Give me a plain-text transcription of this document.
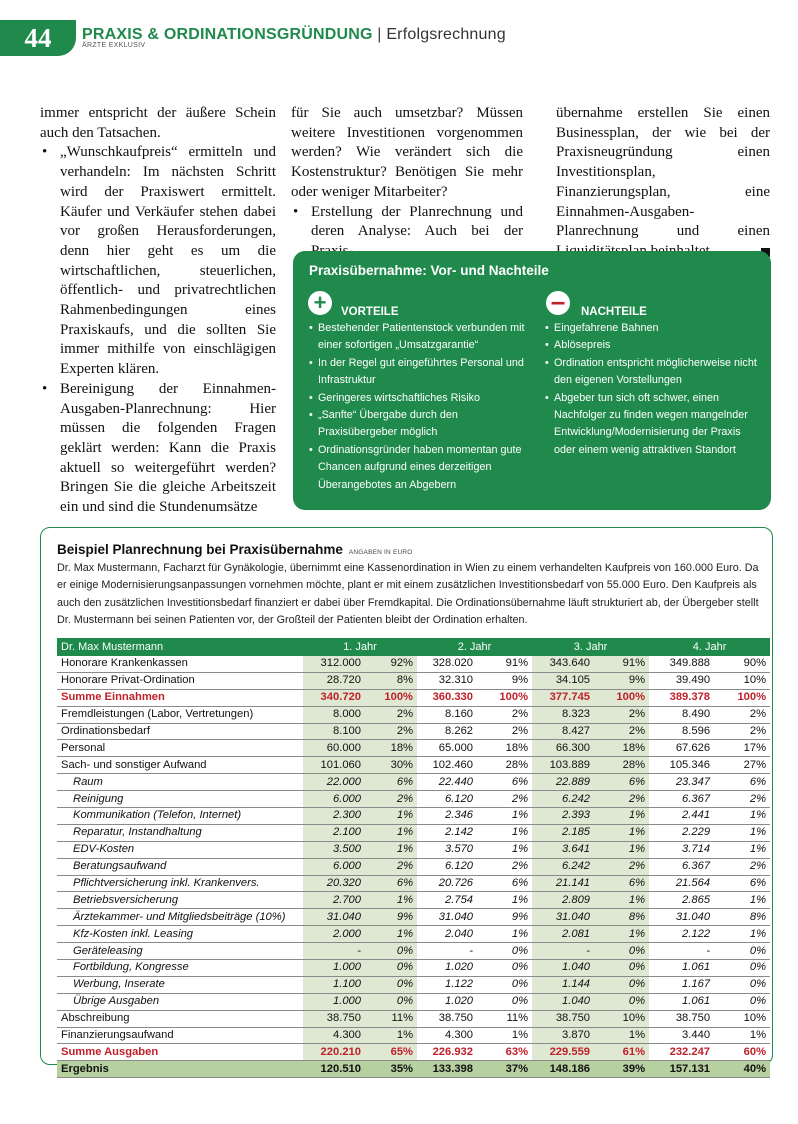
44	PRAXIS & ORDINATIONSGRÜNDUNG | Erfolgsrechnung
ÄRZTE EXKLUSIV

immer entspricht der äußere Schein auch den Tatsachen.

• „Wunschkaufpreis“ ermitteln und verhandeln: Im nächsten Schritt wird der Praxiswert ermittelt. Käufer und Verkäufer stehen dabei vor großen Herausforderungen, denn hier geht es um die wirtschaftlichen, steuerlichen, öffentlich- und privatrechtlichen Rahmenbedingungen eines Praxiskaufs, und die sollten Sie immer mithilfe von einschlägigen Experten klären.
• Bereinigung der Einnahmen-Ausgaben-Planrechnung: Hier müssen die folgenden Fragen geklärt werden: Kann die Praxis aktuell so weitergeführt werden? Bringen Sie die gleiche Arbeitszeit ein und sind die Stundenumsätze

für Sie auch umsetzbar? Müssen weitere Investitionen vorgenommen werden? Wie verändert sich die Kostenstruktur? Benötigen Sie mehr oder weniger Mitarbeiter?

• Erstellung der Planrechnung und deren Analyse: Auch bei der

übernahme erstellen Sie einen Businessplan, der wie bei der Praxisneugründung einen Investitionsplan, Finanzierungsplan, eine Einnahmen-Ausgaben-Planrechnung und einen

Praxisübernahme: Vor- und Nachteile
+	VORTEILE	–	NACHTEILE
• Bestehender Patientenstock verbunden mit einer sofortigen „Umsatzgarantie“
• In der Regel gut eingeführtes Personal und Infrastruktur
• Geringeres wirtschaftliches Risiko
• „Sanfte“ Übergabe durch den Praxisübergeber möglich
• Ordinationsgründer haben momentan gute Chancen aufgrund eines derzeitigen Überangebotes an Abgebern
• Eingefahrene Bahnen
• Ablösepreis
• Ordination entspricht möglicherweise nicht den eigenen Vorstellungen
• Abgeber tun sich oft schwer, einen Nachfolger zu finden wegen mangelnder Entwicklung/Modernisierung der Praxis oder einem wenig attraktiven Standort
Beispiel Planrechnung bei Praxisübernahme ANGABEN IN EURO
Dr. Max Mustermann, Facharzt für Gynäkologie, übernimmt eine Kassenordination in Wien zu einem verhandelten Kaufpreis von 160.000 Euro. Da er einige Modernisierungsanpassungen vornehmen möchte, plant er mit einem zusätzlichen Investitionsbedarf von 55.000 Euro. Den Kaufpreis als auch den zusätzlichen Investitionsbedarf finanziert er dabei über Fremdkapital. Die Ordinationsübernahme läuft strukturiert ab, der Übergeber stellt Dr. Mustermann bei seinen Patienten vor, der Großteil der Patienten bleibt der Ordination erhalten.
Dr. Max Mustermann	1. Jahr		2. Jahr		3. Jahr		4. Jahr	
Honorare Krankenkassen	312.000	92%	328.020	91%	343.640	91%	349.888	90%
Honorare Privat-Ordination	28.720	8%	32.310	9%	34.105	9%	39.490	10%
Summe Einnahmen	340.720	100%	360.330	100%	377.745	100%	389.378	100%
Fremdleistungen (Labor, Vertretungen)	8.000	2%	8.160	2%	8.323	2%	8.490	2%
Ordinationsbedarf	8.100	2%	8.262	2%	8.427	2%	8.596	2%
Personal	60.000	18%	65.000	18%	66.300	18%	67.626	17%
Sach- und sonstiger Aufwand	101.060	30%	102.460	28%	103.889	28%	105.346	27%
Raum	22.000	6%	22.440	6%	22.889	6%	23.347	6%
Reinigung	6.000	2%	6.120	2%	6.242	2%	6.367	2%
Kommunikation (Telefon, Internet)	2.300	1%	2.346	1%	2.393	1%	2.441	1%
Reparatur, Instandhaltung	2.100	1%	2.142	1%	2.185	1%	2.229	1%
EDV-Kosten	3.500	1%	3.570	1%	3.641	1%	3.714	1%
Beratungsaufwand	6.000	2%	6.120	2%	6.242	2%	6.367	2%
Pflichtversicherung inkl. Krankenvers.	20.320	6%	20.726	6%	21.141	6%	21.564	6%
Betriebsversicherung	2.700	1%	2.754	1%	2.809	1%	2.865	1%
Ärztekammer- und Mitgliedsbeiträge (10%)	31.040	9%	31.040	9%	31.040	8%	31.040	8%
Kfz-Kosten inkl. Leasing	2.000	1%	2.040	1%	2.081	1%	2.122	1%
Geräteleasing	-	0%	-	0%	-	0%	-	0%
Fortbildung, Kongresse	1.000	0%	1.020	0%	1.040	0%	1.061	0%
Werbung, Inserate	1.100	0%	1.122	0%	1.144	0%	1.167	0%
Übrige Ausgaben	1.000	0%	1.020	0%	1.040	0%	1.061	0%
Abschreibung	38.750	11%	38.750	11%	38.750	10%	38.750	10%
Finanzierungsaufwand	4.300	1%	4.300	1%	3.870	1%	3.440	1%
Summe Ausgaben	220.210	65%	226.932	63%	229.559	61%	232.247	60%
Ergebnis	120.510	35%	133.398	37%	148.186	39%	157.131	40%
